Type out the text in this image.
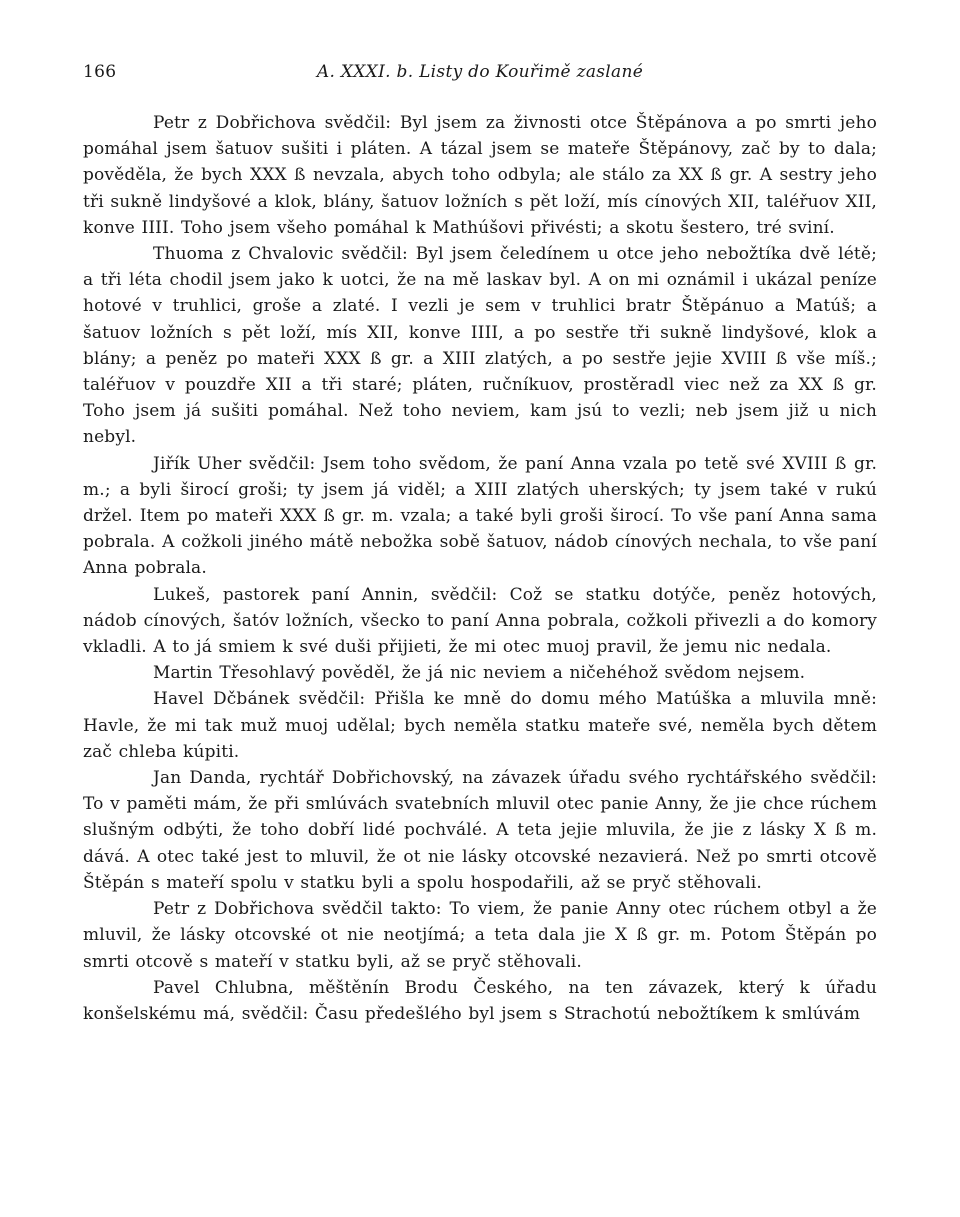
166	A. XXXI. b. Listy do Kouřimě zaslané

Petr z Dobřichova svědčil: Byl jsem za živnosti otce Štěpánova a po smrti jeho pomáhal jsem šatuov sušiti i pláten. A tázal jsem se mateře Štěpánovy, zač by to dala; pověděla, že bych XXX ß nevzala, abych toho odbyla; ale stálo za XX ß gr. A sestry jeho tři sukně lindyšové a klok, blány, šatuov ložních s pět loží, mís cínových XII, taléřuov XII, konve IIII. Toho jsem všeho pomáhal k Mathúšovi přivésti; a skotu šestero, tré sviní.

Thuoma z Chvalovic svědčil: Byl jsem čeledínem u otce jeho nebožtíka dvě létě; a tři léta chodil jsem jako k uotci, že na mě laskav byl. A on mi oznámil i ukázal peníze hotové v truhlici, groše a zlaté. I vezli je sem v truhlici bratr Štěpánuo a Matúš; a šatuov ložních s pět loží, mís XII, konve IIII, a po sestře tři sukně lindyšové, klok a blány; a peněz po mateři XXX ß gr. a XIII zlatých, a po sestře jejie XVIII ß vše míš.; taléřuov v pouzdře XII a tři staré; pláten, ručníkuov, prostěradl viec než za XX ß gr. Toho jsem já sušiti pomáhal. Než toho neviem, kam jsú to vezli; neb jsem již u nich nebyl.

Jiřík Uher svědčil: Jsem toho svědom, že paní Anna vzala po tetě své XVIII ß gr. m.; a byli širocí groši; ty jsem já viděl; a XIII zlatých uherských; ty jsem také v rukú držel. Item po mateři XXX ß gr. m. vzala; a také byli groši širocí. To vše paní Anna sama pobrala. A cožkoli jiného mátě nebožka sobě šatuov, nádob cínových nechala, to vše paní Anna pobrala.

Lukeš, pastorek paní Annin, svědčil: Což se statku dotýče, peněz hotových, nádob cínových, šatóv ložních, všecko to paní Anna pobrala, cožkoli přivezli a do komory vkladli. A to já smiem k své duši přijieti, že mi otec muoj pravil, že jemu nic nedala.

Martin Třesohlavý pověděl, že já nic neviem a ničehéhož svědom nejsem.

Havel Dčbánek svědčil: Přišla ke mně do domu mého Matúška a mluvila mně: Havle, že mi tak muž muoj udělal; bych neměla statku mateře své, neměla bych dětem zač chleba kúpiti.

Jan Danda, rychtář Dobřichovský, na závazek úřadu svého rychtářského svědčil: To v paměti mám, že při smlúvách svatebních mluvil otec panie Anny, že jie chce rúchem slušným odbýti, že toho dobří lidé pochválé. A teta jejie mluvila, že jie z lásky X ß m. dává. A otec také jest to mluvil, že ot nie lásky otcovské nezavierá. Než po smrti otcově Štěpán s mateří spolu v statku byli a spolu hospodařili, až se pryč stěhovali.

Petr z Dobřichova svědčil takto: To viem, že panie Anny otec rúchem otbyl a že mluvil, že lásky otcovské ot nie neotjímá; a teta dala jie X ß gr. m. Potom Štěpán po smrti otcově s mateří v statku byli, až se pryč stěhovali.

Pavel Chlubna, měštěnín Brodu Českého, na ten závazek, který k úřadu konšelskému má, svědčil: Času předešlého byl jsem s Strachotú nebožtíkem k smlúvám
